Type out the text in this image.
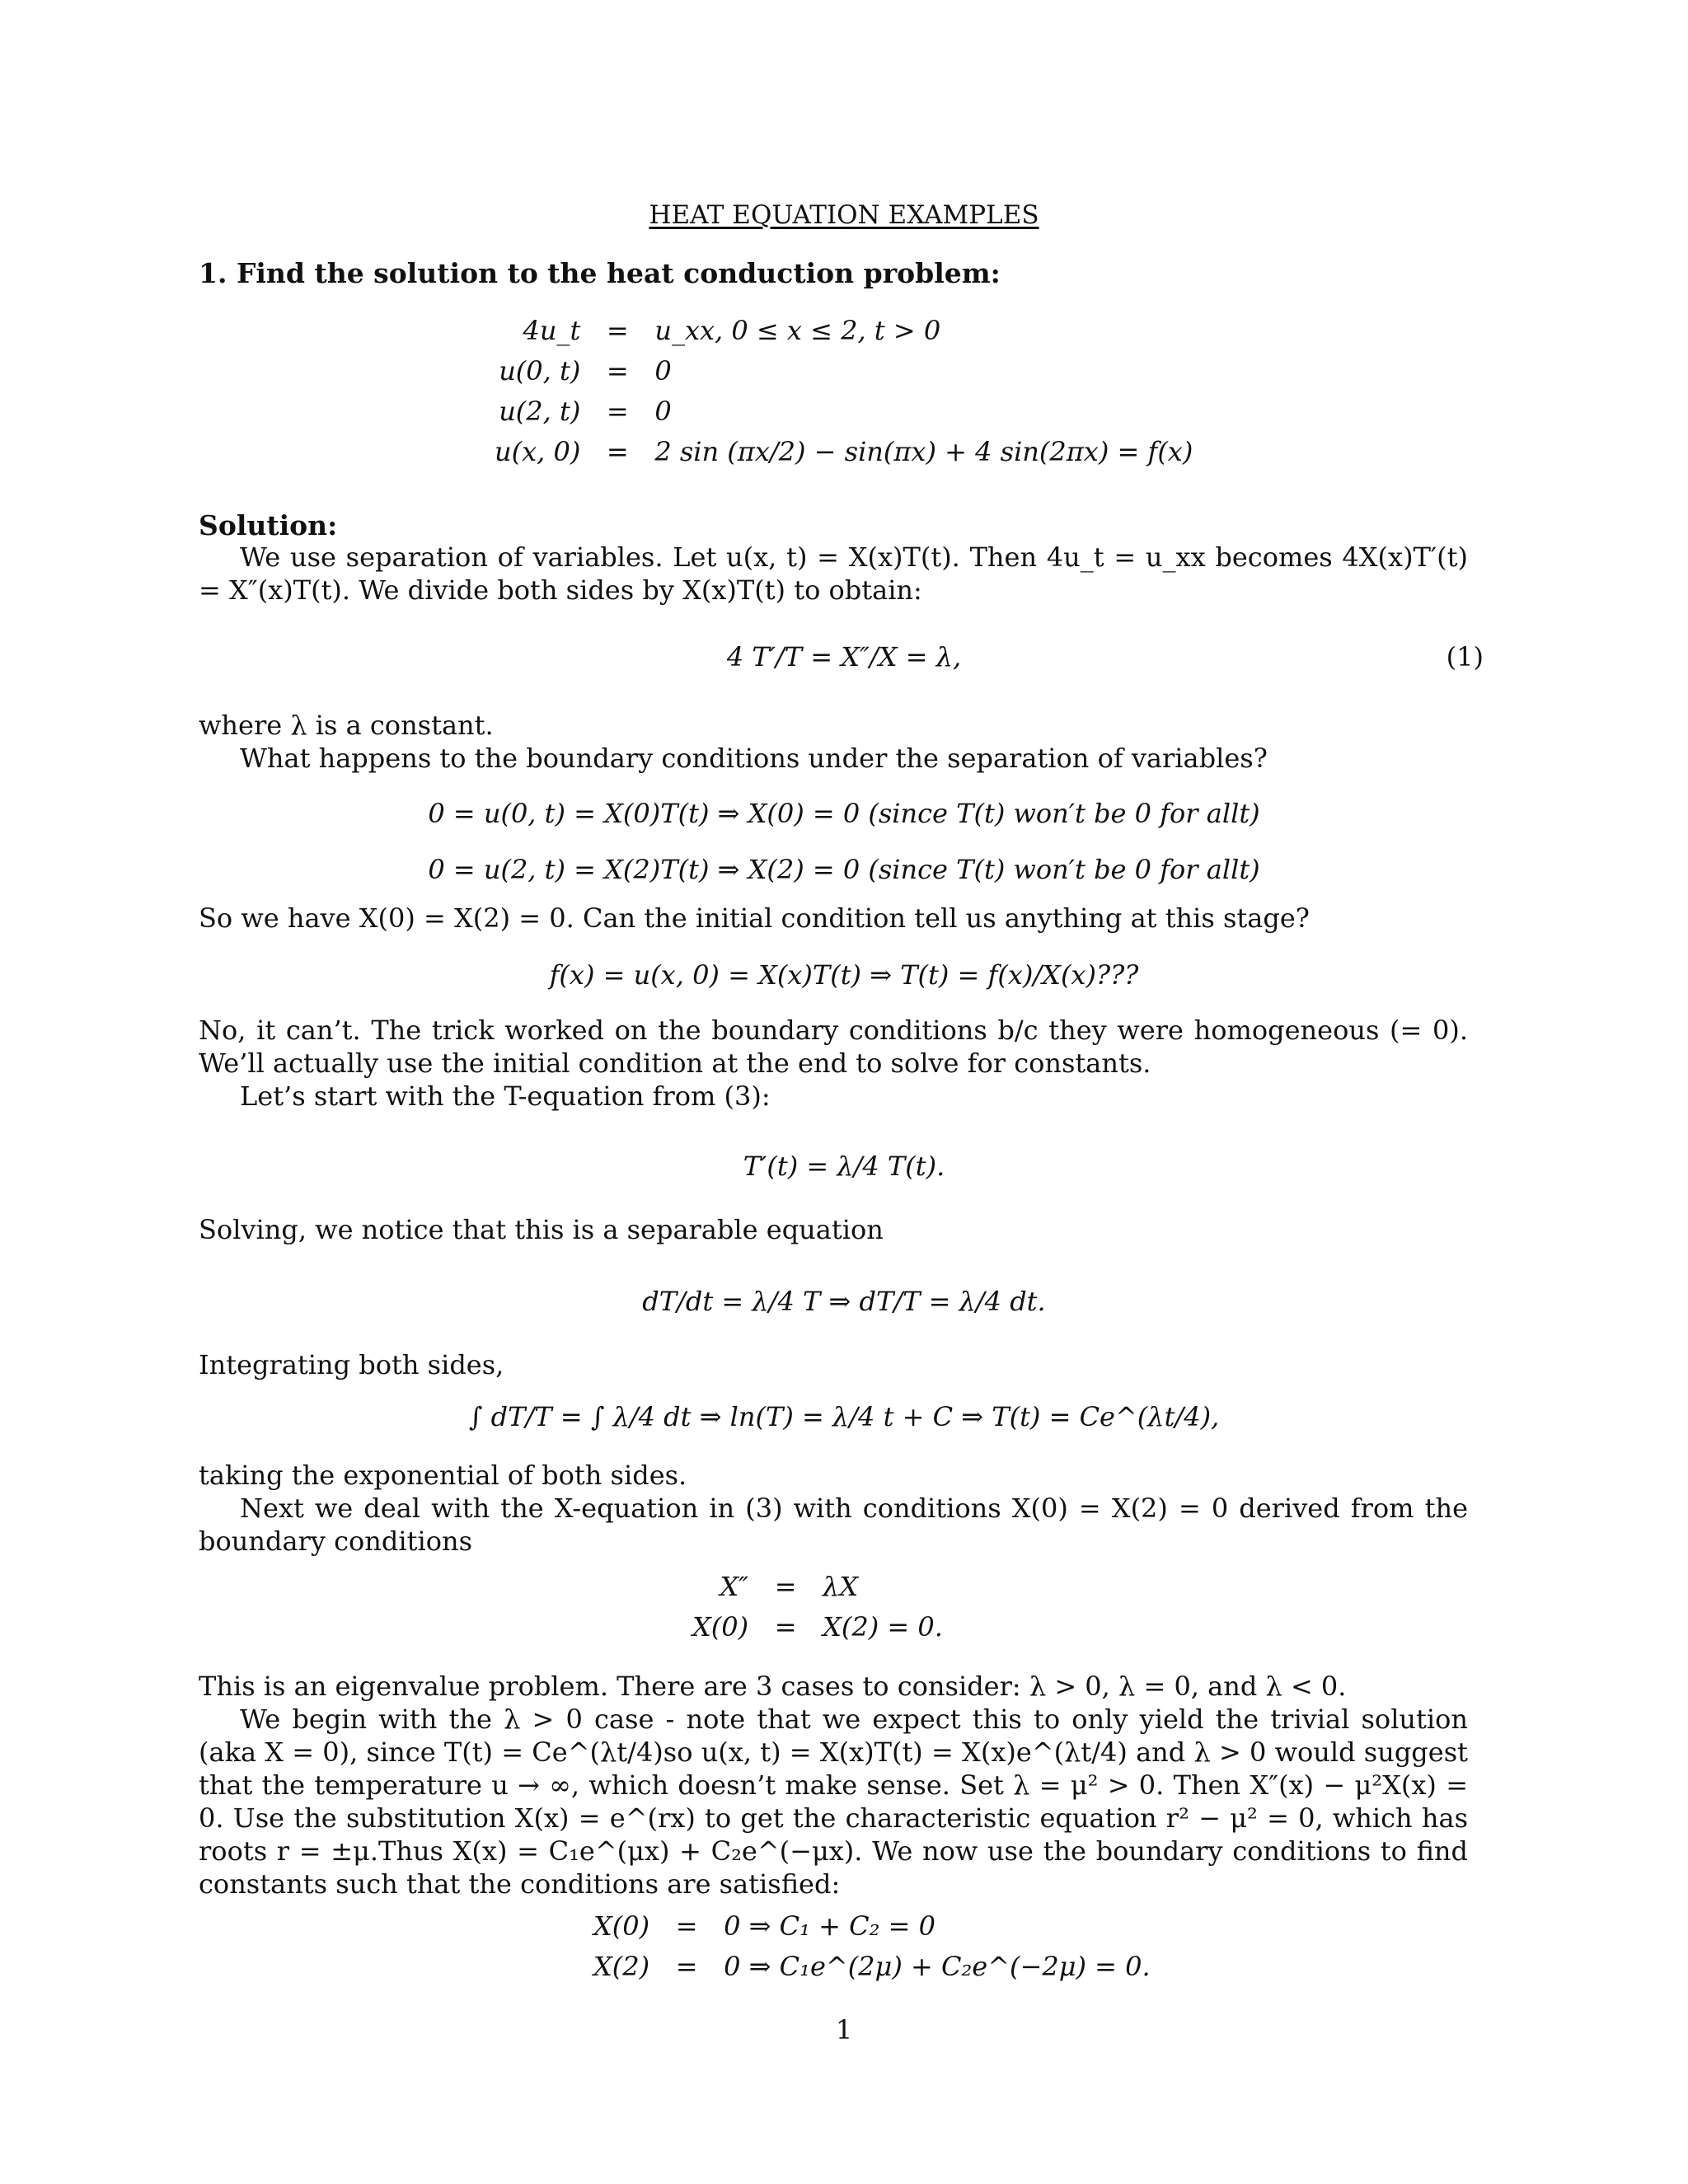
HEAT EQUATION EXAMPLES
1. Find the solution to the heat conduction problem:
4u_t	=	u_xx, 0 ≤ x ≤ 2, t > 0
u(0, t)	=	0
u(2, t)	=	0
u(x, 0)	=	2 sin (πx/2) − sin(πx) + 4 sin(2πx) = f(x)
Solution:
We use separation of variables. Let u(x, t) = X(x)T(t). Then 4u_t = u_xx becomes 4X(x)T′(t) = X″(x)T(t). We divide both sides by X(x)T(t) to obtain:
4 T′/T = X″/X = λ,	(1)
where λ is a constant.
What happens to the boundary conditions under the separation of variables?
0 = u(0, t) = X(0)T(t) ⇒ X(0) = 0 (since T(t) won′t be 0 for allt)
0 = u(2, t) = X(2)T(t) ⇒ X(2) = 0 (since T(t) won′t be 0 for allt)
So we have X(0) = X(2) = 0. Can the initial condition tell us anything at this stage?
f(x) = u(x, 0) = X(x)T(t) ⇒ T(t) = f(x)/X(x)???
No, it can’t. The trick worked on the boundary conditions b/c they were homogeneous (= 0). We’ll actually use the initial condition at the end to solve for constants.
Let’s start with the T-equation from (3):
T′(t) = λ/4 T(t).
Solving, we notice that this is a separable equation
dT/dt = λ/4 T ⇒ dT/T = λ/4 dt.
Integrating both sides,
∫ dT/T = ∫ λ/4 dt ⇒ ln(T) = λ/4 t + C ⇒ T(t) = Ce^(λt/4),
taking the exponential of both sides.
Next we deal with the X-equation in (3) with conditions X(0) = X(2) = 0 derived from the boundary conditions
X″	=	λX
X(0)	=	X(2) = 0.
This is an eigenvalue problem. There are 3 cases to consider: λ > 0, λ = 0, and λ < 0.
We begin with the λ > 0 case - note that we expect this to only yield the trivial solution (aka X = 0), since T(t) = Ce^(λt/4)so u(x, t) = X(x)T(t) = X(x)e^(λt/4) and λ > 0 would suggest that the temperature u → ∞, which doesn’t make sense. Set λ = μ² > 0. Then X″(x) − μ²X(x) = 0. Use the substitution X(x) = e^(rx) to get the characteristic equation r² − μ² = 0, which has roots r = ±μ.Thus X(x) = C₁e^(μx) + C₂e^(−μx). We now use the boundary conditions to find constants such that the conditions are satisfied:
X(0)	=	0 ⇒ C₁ + C₂ = 0
X(2)	=	0 ⇒ C₁e^(2μ) + C₂e^(−2μ) = 0.
1
